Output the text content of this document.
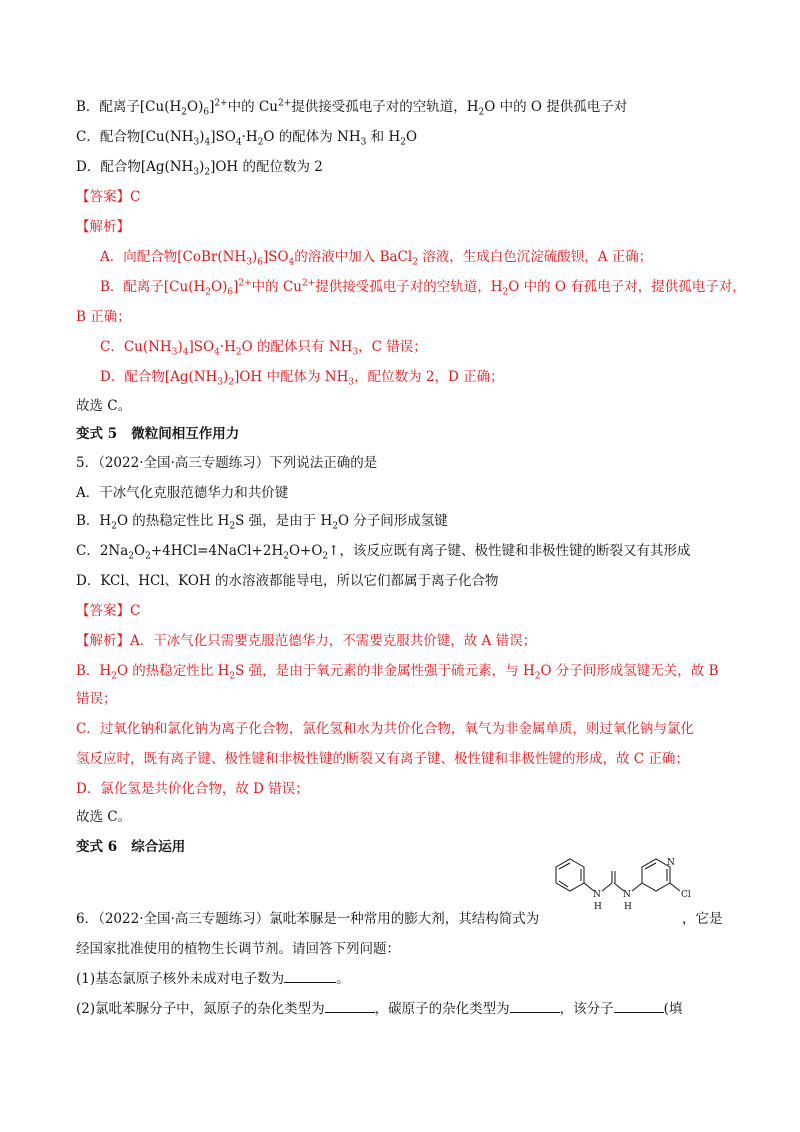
B．配离子$[Cu(H_2O)_6]^{2+}$中的 $Cu^{2+}$提供接受孤电子对的空轨道，$H_2O$ 中的 O 提供孤电子对
C．配合物$[Cu(NH_3)_4]SO_4\cdot H_2O$ 的配体为 $NH_3$ 和 $H_2O$
D．配合物$[Ag(NH_3)_2]OH$ 的配位数为 2
【答案】C
【解析】
A．向配合物$[CoBr(NH_3)_6]SO_4$的溶液中加入 BaCl$_2$ 溶液，生成白色沉淀硫酸钡，A 正确；
B．配离子$[Cu(H_2O)_6]^{2+}$中的 $Cu^{2+}$提供接受孤电子对的空轨道，$H_2O$ 中的 O 有孤电子对，提供孤电子对，
B 正确；
C．$Cu(NH_3)_4]SO_4\cdot H_2O$ 的配体只有 $NH_3$，C 错误；
D．配合物$[Ag(NH_3)_2]OH$ 中配体为 $NH_3$，配位数为 2，D 正确；
故选 C。
变式 5 微粒间相互作用力
5．（2022·全国·高三专题练习）下列说法正确的是
A．干冰气化克服范德华力和共价键
B．$H_2O$ 的热稳定性比 $H_2S$ 强，是由于 $H_2O$ 分子间形成氢键
C．$2Na_2O_2+4HCl=4NaCl+2H_2O+O_2↑$，该反应既有离子键、极性键和非极性键的断裂又有其形成
D．KCl、HCl、KOH 的水溶液都能导电，所以它们都属于离子化合物
【答案】C
【解析】A．干冰气化只需要克服范德华力，不需要克服共价键，故 A 错误；
B．$H_2O$ 的热稳定性比 $H_2S$ 强，是由于氧元素的非金属性强于硫元素，与 $H_2O$ 分子间形成氢键无关，故 B
错误；
C．过氧化钠和氯化钠为离子化合物，氯化氢和水为共价化合物，氧气为非金属单质，则过氧化钠与氯化
氢反应时，既有离子键、极性键和非极性键的断裂又有离子键、极性键和非极性键的形成，故 C 正确；
D．氯化氢是共价化合物，故 D 错误；
故选 C。
变式 6 综合运用
N
H
N
H
N
Cl
6．（2022·全国·高三专题练习）氯吡苯脲是一种常用的膨大剂，其结构简式为	，它是
经国家批准使用的植物生长调节剂。请回答下列问题：
(1)基态氯原子核外未成对电子数为	。
(2)氯吡苯脲分子中，氮原子的杂化类型为	，碳原子的杂化类型为	，该分子	(填
